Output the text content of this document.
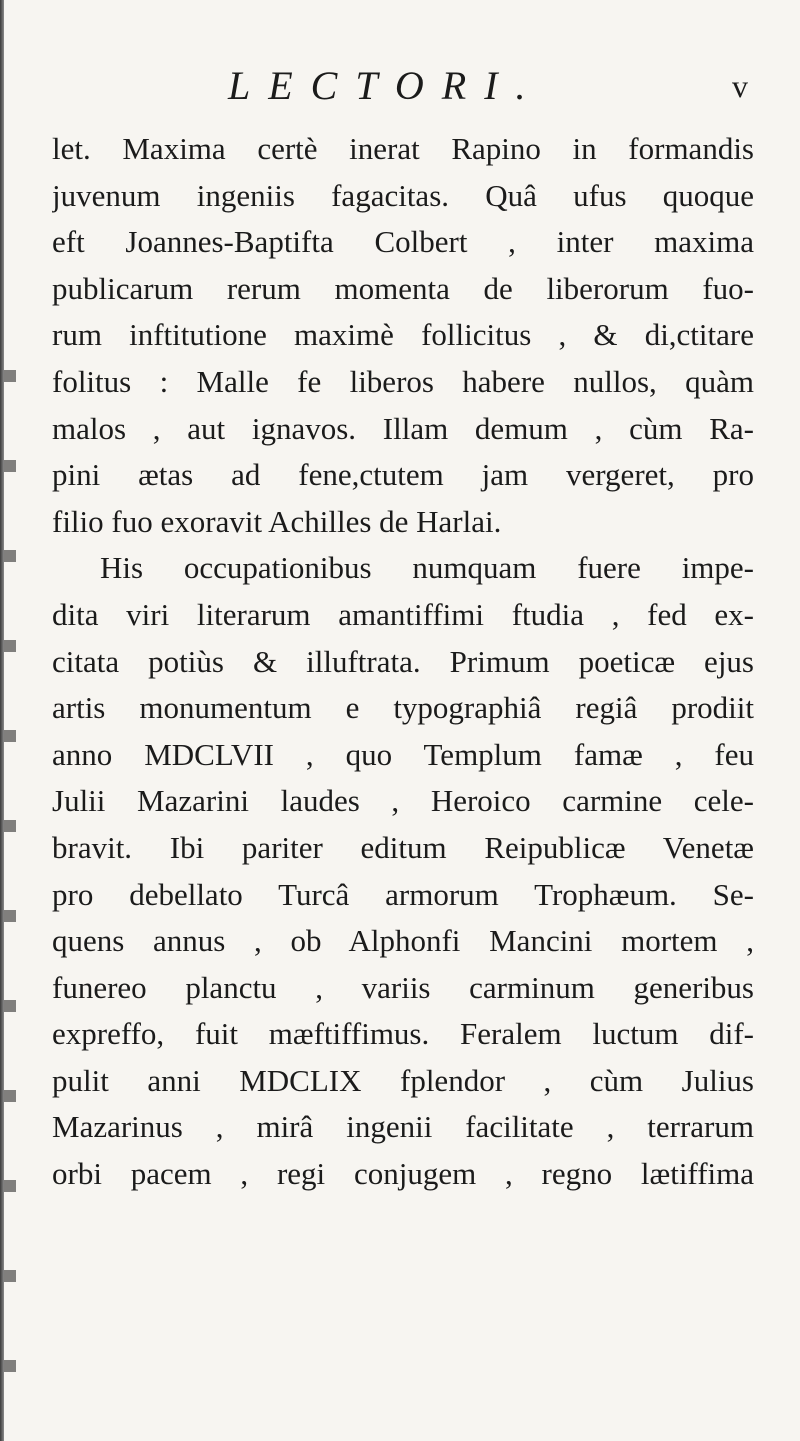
LECTORI.	v
let. Maxima certè inerat Rapino in formandis
juvenum ingeniis fagacitas. Quâ ufus quoque
eft Joannes-Baptifta Colbert , inter maxima
publicarum rerum momenta de liberorum fuo-
rum inftitutione maximè follicitus , & di,ctitare
folitus : Malle fe liberos habere nullos, quàm
malos , aut ignavos. Illam demum , cùm Ra-
pini ætas ad fene,ctutem jam vergeret, pro
filio fuo exoravit Achilles de Harlai.
His occupationibus numquam fuere impe-
dita viri literarum amantiffimi ftudia , fed ex-
citata potiùs & illuftrata. Primum poeticæ ejus
artis monumentum e typographiâ regiâ prodiit
anno MDCLVII , quo Templum famæ , feu
Julii Mazarini laudes , Heroico carmine cele-
bravit. Ibi pariter editum Reipublicæ Venetæ
pro debellato Turcâ armorum Trophæum. Se-
quens annus , ob Alphonfi Mancini mortem ,
funereo planctu , variis carminum generibus
expreffo, fuit mæftiffimus. Feralem luctum dif-
pulit anni MDCLIX fplendor , cùm Julius
Mazarinus , mirâ ingenii facilitate , terrarum
orbi pacem , regi conjugem , regno lætiffima
